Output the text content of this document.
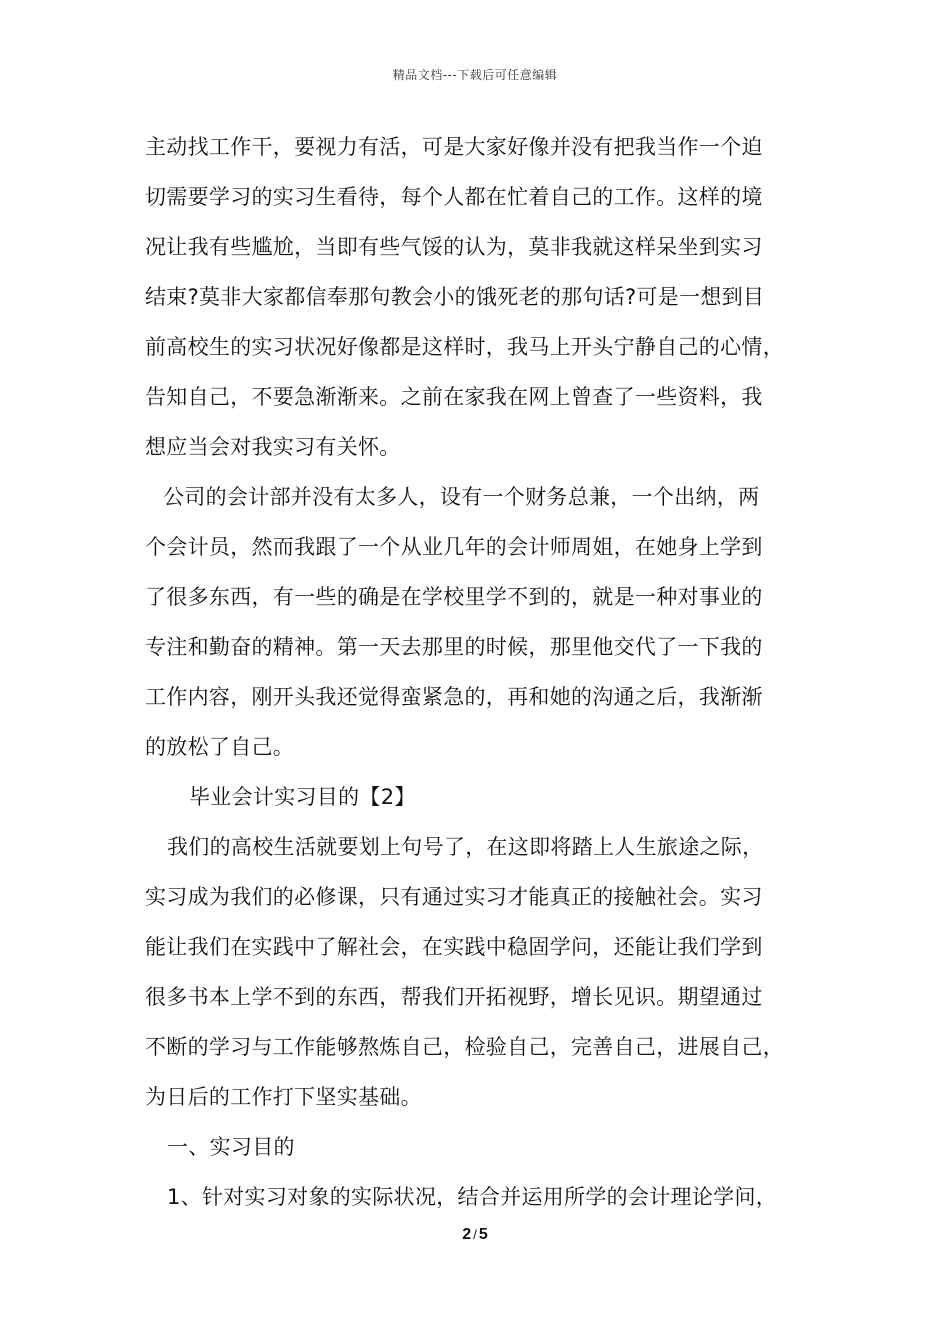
精品文档---下载后可任意编辑
主动找工作干，要视力有活，可是大家好像并没有把我当作一个迫
切需要学习的实习生看待，每个人都在忙着自己的工作。这样的境
况让我有些尴尬，当即有些气馁的认为，莫非我就这样呆坐到实习
结束?莫非大家都信奉那句教会小的饿死老的那句话?可是一想到目
前高校生的实习状况好像都是这样时，我马上开头宁静自己的心情，
告知自己，不要急渐渐来。之前在家我在网上曾查了一些资料，我
想应当会对我实习有关怀。
公司的会计部并没有太多人，设有一个财务总兼，一个出纳，两
个会计员，然而我跟了一个从业几年的会计师周姐，在她身上学到
了很多东西，有一些的确是在学校里学不到的，就是一种对事业的
专注和勤奋的精神。第一天去那里的时候，那里他交代了一下我的
工作内容，刚开头我还觉得蛮紧急的，再和她的沟通之后，我渐渐
的放松了自己。
毕业会计实习目的【2】
我们的高校生活就要划上句号了，在这即将踏上人生旅途之际，
实习成为我们的必修课，只有通过实习才能真正的接触社会。实习
能让我们在实践中了解社会，在实践中稳固学问，还能让我们学到
很多书本上学不到的东西，帮我们开拓视野，增长见识。期望通过
不断的学习与工作能够熬炼自己，检验自己，完善自己，进展自己，
为日后的工作打下坚实基础。
一、实习目的
1、针对实习对象的实际状况，结合并运用所学的会计理论学问，
2 / 5
